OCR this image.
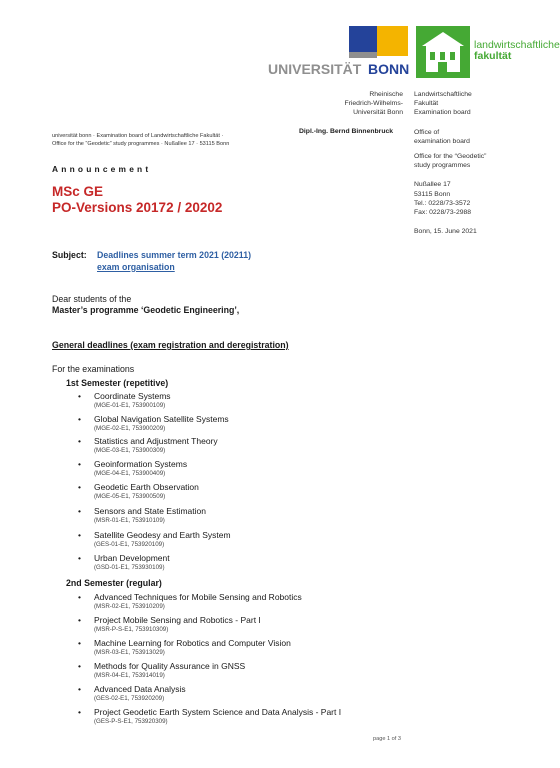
UNIVERSITÄT BONN
landwirtschaftliche
fakultät
Rheinische
Friedrich-Wilhelms-
Universität Bonn
Landwirtschaftliche
Fakultät
Examination board
Office of
examination board
Office for the “Geodetic”
study programmes
Nußallee 17
53115 Bonn
Tel.: 0228/73-3572
Fax: 0228/73-2988
Bonn, 15. June 2021
Dipl.-Ing. Bernd Binnenbruck
universität bonn · Examination board of Landwirtschaftliche Fakultät ·
Office for the “Geodetic” study programmes · Nußallee 17 · 53115 Bonn
Announcement
MSc GE
PO-Versions 20172 / 20202
Subject: Deadlines summer term 2021 (20211)
exam organisation
Dear students of the
Master’s programme ‘Geodetic Engineering’,
General deadlines (exam registration and deregistration)
For the examinations
1st Semester (repetitive)
• Coordinate Systems
(MGE-01-E1, 753900109)
• Global Navigation Satellite Systems
(MGE-02-E1, 753900209)
• Statistics and Adjustment Theory
(MGE-03-E1, 753900309)
• Geoinformation Systems
(MGE-04-E1, 753900409)
• Geodetic Earth Observation
(MGE-05-E1, 753900509)
• Sensors and State Estimation
(MSR-01-E1, 753910109)
• Satellite Geodesy and Earth System
(GES-01-E1, 753920109)
• Urban Development
(GSD-01-E1, 753930109)
2nd Semester (regular)
• Advanced Techniques for Mobile Sensing and Robotics
(MSR-02-E1, 753910209)
• Project Mobile Sensing and Robotics - Part I
(MSR-P-S-E1, 753910309)
• Machine Learning for Robotics and Computer Vision
(MSR-03-E1, 753913029)
• Methods for Quality Assurance in GNSS
(MSR-04-E1, 753914019)
• Advanced Data Analysis
(GES-02-E1, 753920209)
• Project Geodetic Earth System Science and Data Analysis - Part I
(GES-P-S-E1, 753920309)
page 1 of 3
